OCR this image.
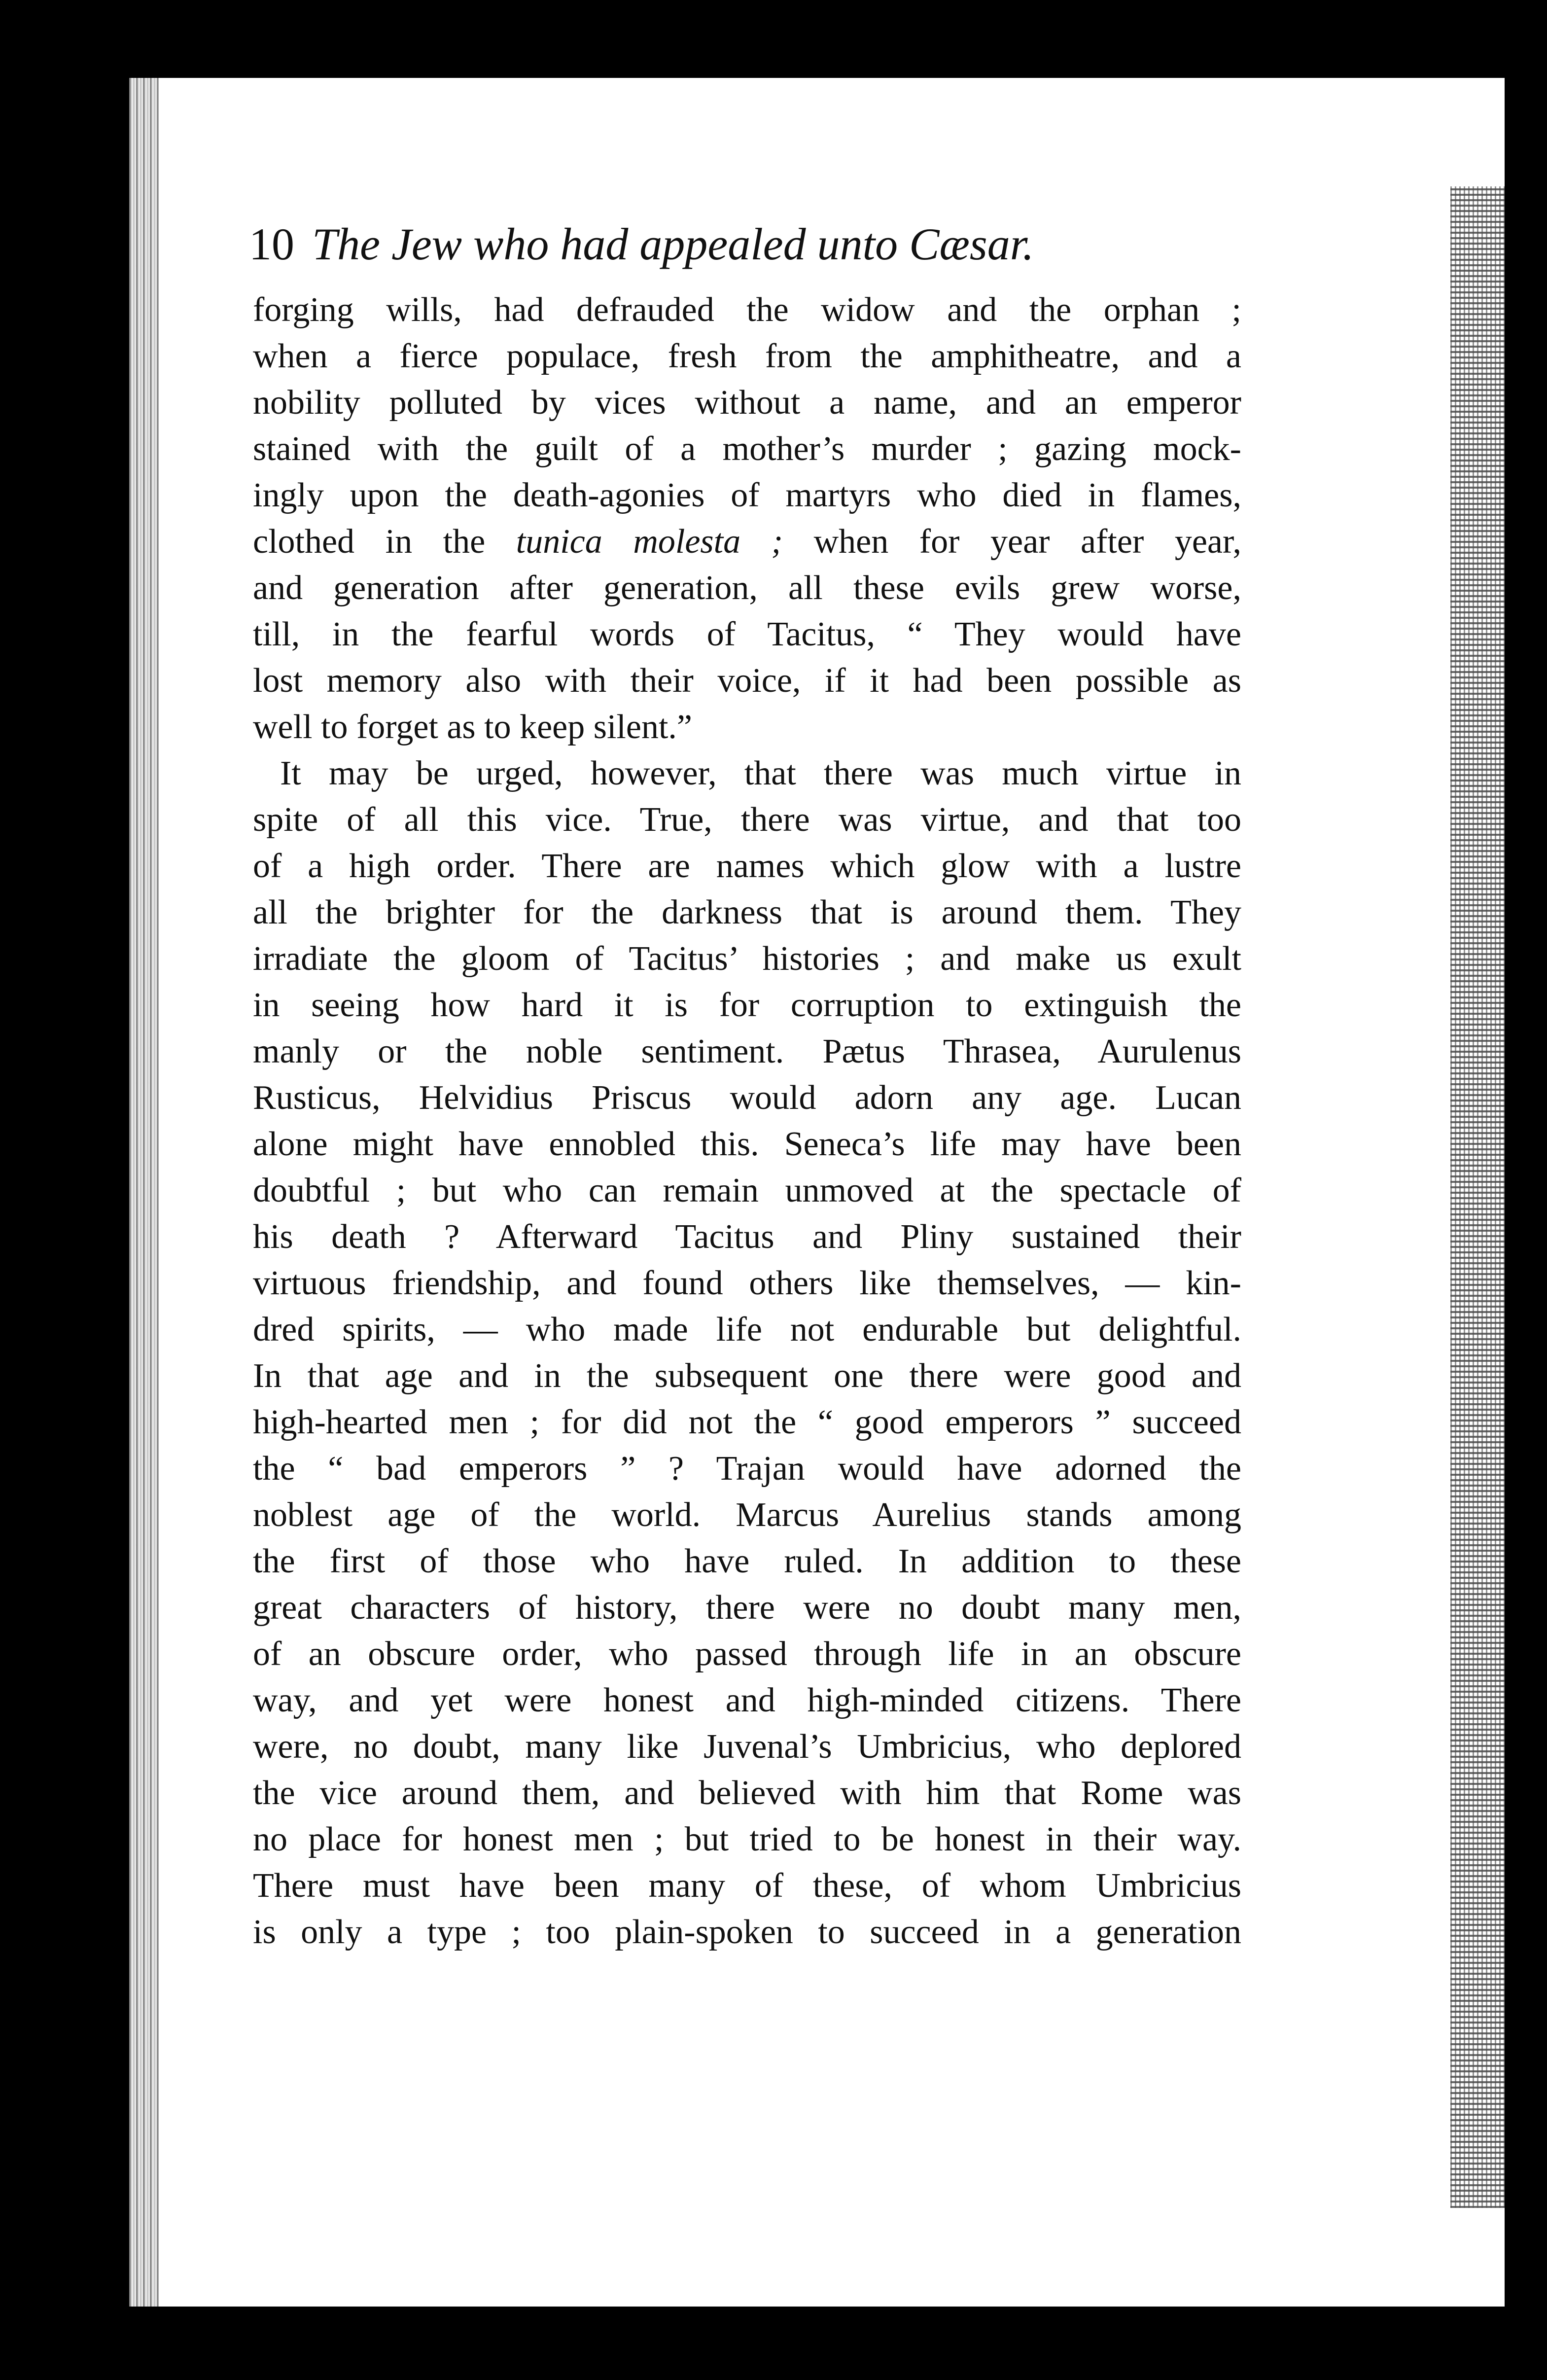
10 The Jew who had appealed unto Cæsar.
forging wills, had defrauded the widow and the orphan ;
when a fierce populace, fresh from the amphitheatre, and a
nobility polluted by vices without a name, and an emperor
stained with the guilt of a mother’s murder ; gazing mock-
ingly upon the death-agonies of martyrs who died in flames,
clothed in the tunica molesta ; when for year after year,
and generation after generation, all these evils grew worse,
till, in the fearful words of Tacitus, “ They would have
lost memory also with their voice, if it had been possible as
well to forget as to keep silent.”
It may be urged, however, that there was much virtue in
spite of all this vice. True, there was virtue, and that too
of a high order. There are names which glow with a lustre
all the brighter for the darkness that is around them. They
irradiate the gloom of Tacitus’ histories ; and make us exult
in seeing how hard it is for corruption to extinguish the
manly or the noble sentiment. Pætus Thrasea, Aurulenus
Rusticus, Helvidius Priscus would adorn any age. Lucan
alone might have ennobled this. Seneca’s life may have been
doubtful ; but who can remain unmoved at the spectacle of
his death ? Afterward Tacitus and Pliny sustained their
virtuous friendship, and found others like themselves, — kin-
dred spirits, — who made life not endurable but delightful.
In that age and in the subsequent one there were good and
high-hearted men ; for did not the “ good emperors ” succeed
the “ bad emperors ” ? Trajan would have adorned the
noblest age of the world. Marcus Aurelius stands among
the first of those who have ruled. In addition to these
great characters of history, there were no doubt many men,
of an obscure order, who passed through life in an obscure
way, and yet were honest and high-minded citizens. There
were, no doubt, many like Juvenal’s Umbricius, who deplored
the vice around them, and believed with him that Rome was
no place for honest men ; but tried to be honest in their way.
There must have been many of these, of whom Umbricius
is only a type ; too plain-spoken to succeed in a generation
